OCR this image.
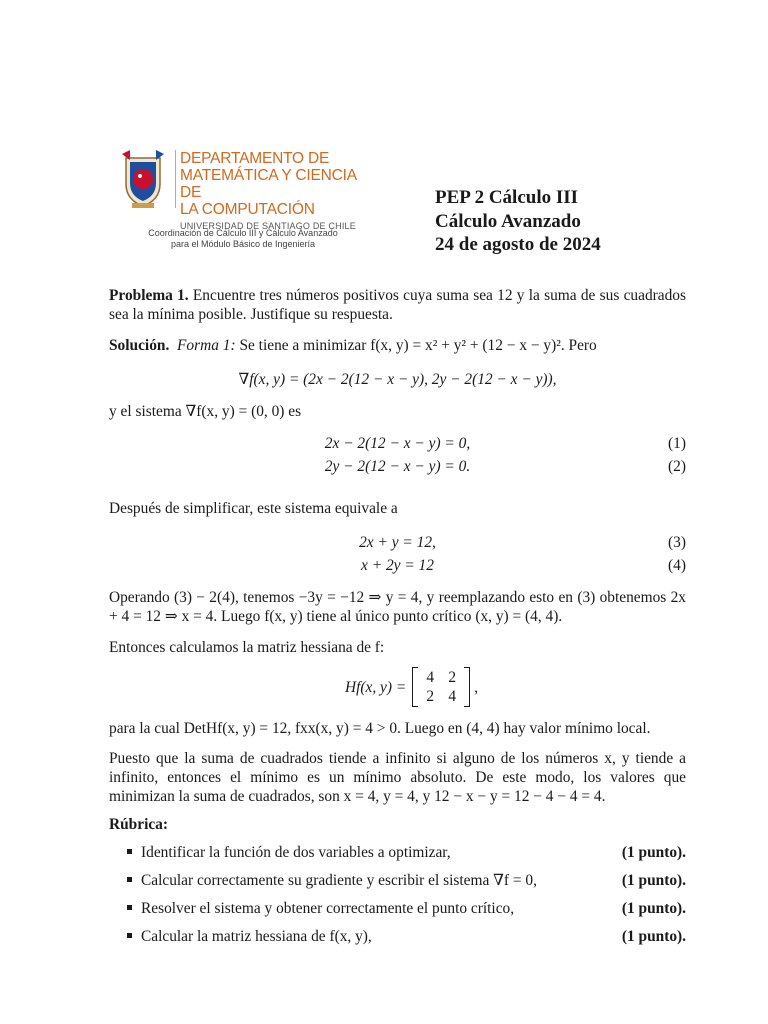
DEPARTAMENTO DE
MATEMÁTICA Y CIENCIA DE
LA COMPUTACIÓN
UNIVERSIDAD DE SANTIAGO DE CHILE
Coordinación de Cálculo III y Cálculo Avanzado
para el Módulo Básico de Ingeniería
PEP 2 Cálculo III
Cálculo Avanzado
24 de agosto de 2024
Problema 1. Encuentre tres números positivos cuya suma sea 12 y la suma de sus cuadrados sea la mínima posible. Justifique su respuesta.
Solución. Forma 1: Se tiene a minimizar f(x, y) = x² + y² + (12 − x − y)². Pero
∇f(x, y) = (2x − 2(12 − x − y), 2y − 2(12 − x − y)),
y el sistema ∇f(x, y) = (0, 0) es
2x − 2(12 − x − y) = 0,	(1)
2y − 2(12 − x − y) = 0.	(2)
Después de simplificar, este sistema equivale a
2x + y = 12,	(3)
x + 2y = 12	(4)
Operando (3) − 2(4), tenemos −3y = −12 ⇒ y = 4, y reemplazando esto en (3) obtenemos 2x + 4 = 12 ⇒ x = 4. Luego f(x, y) tiene al único punto crítico (x, y) = (4, 4).
Entonces calculamos la matriz hessiana de f:
Hf(x, y) =
4 2
2 4
,
para la cual DetHf(x, y) = 12, fxx(x, y) = 4 > 0. Luego en (4, 4) hay valor mínimo local.
Puesto que la suma de cuadrados tiende a infinito si alguno de los números x, y tiende a infinito, entonces el mínimo es un mínimo absoluto. De este modo, los valores que minimizan la suma de cuadrados, son x = 4, y = 4, y 12 − x − y = 12 − 4 − 4 = 4.
Rúbrica:
Identificar la función de dos variables a optimizar,	(1 punto).
Calcular correctamente su gradiente y escribir el sistema ∇f = 0,	(1 punto).
Resolver el sistema y obtener correctamente el punto crítico,	(1 punto).
Calcular la matriz hessiana de f(x, y),	(1 punto).
